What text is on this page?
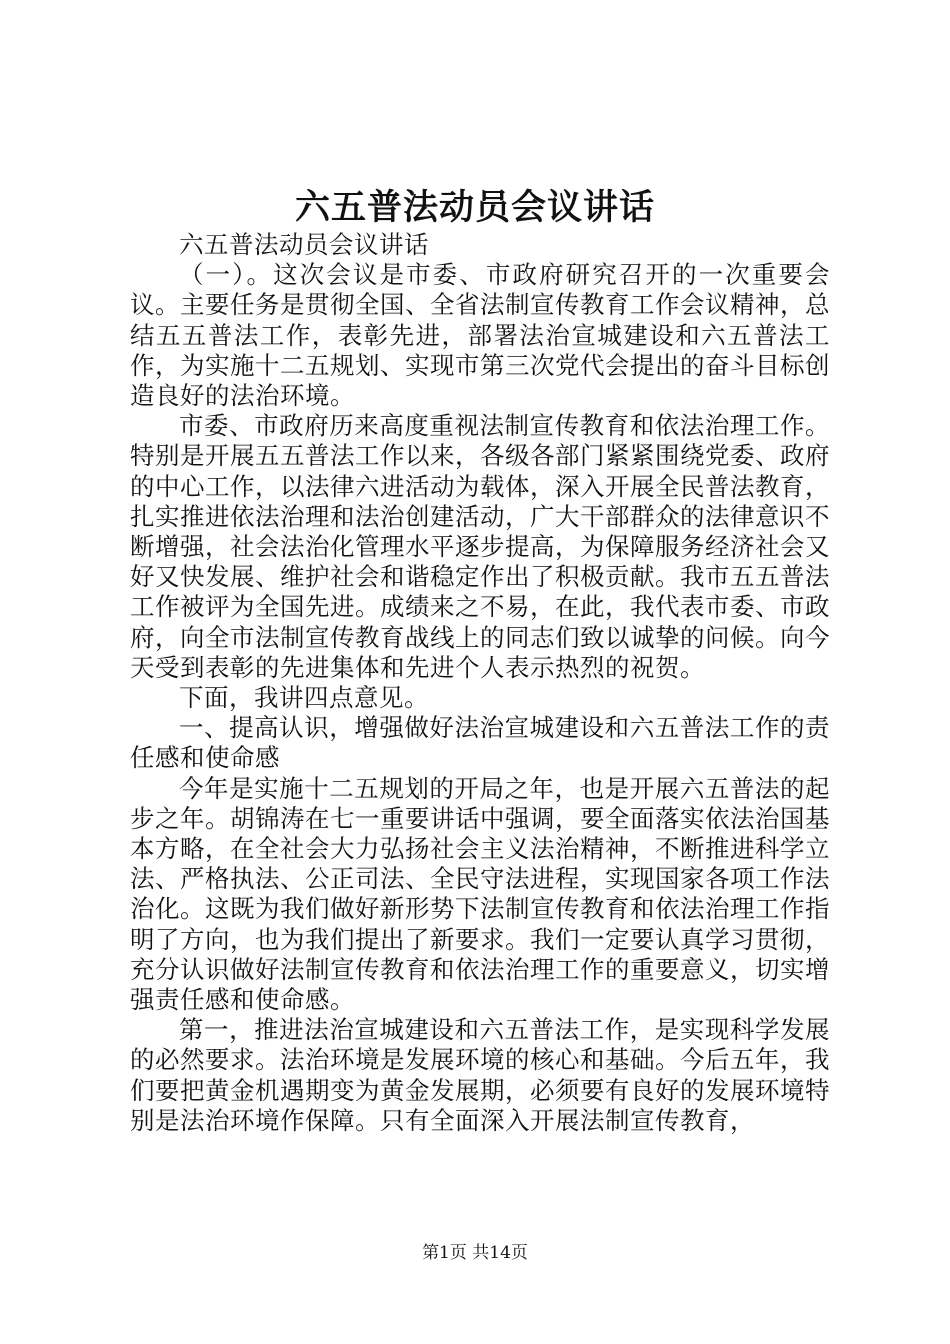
六五普法动员会议讲话

六五普法动员会议讲话

（一）。这次会议是市委、市政府研究召开的一次重要会议。主要任务是贯彻全国、全省法制宣传教育工作会议精神，总结五五普法工作，表彰先进，部署法治宣城建设和六五普法工作，为实施十二五规划、实现市第三次党代会提出的奋斗目标创造良好的法治环境。

市委、市政府历来高度重视法制宣传教育和依法治理工作。特别是开展五五普法工作以来，各级各部门紧紧围绕党委、政府的中心工作，以法律六进活动为载体，深入开展全民普法教育，扎实推进依法治理和法治创建活动，广大干部群众的法律意识不断增强，社会法治化管理水平逐步提高，为保障服务经济社会又好又快发展、维护社会和谐稳定作出了积极贡献。我市五五普法工作被评为全国先进。成绩来之不易，在此，我代表市委、市政府，向全市法制宣传教育战线上的同志们致以诚挚的问候。向今天受到表彰的先进集体和先进个人表示热烈的祝贺。

下面，我讲四点意见。

一、提高认识，增强做好法治宣城建设和六五普法工作的责任感和使命感

今年是实施十二五规划的开局之年，也是开展六五普法的起步之年。胡锦涛在七一重要讲话中强调，要全面落实依法治国基本方略，在全社会大力弘扬社会主义法治精神，不断推进科学立法、严格执法、公正司法、全民守法进程，实现国家各项工作法治化。这既为我们做好新形势下法制宣传教育和依法治理工作指明了方向，也为我们提出了新要求。我们一定要认真学习贯彻，充分认识做好法制宣传教育和依法治理工作的重要意义，切实增强责任感和使命感。

第一，推进法治宣城建设和六五普法工作，是实现科学发展的必然要求。法治环境是发展环境的核心和基础。今后五年，我们要把黄金机遇期变为黄金发展期，必须要有良好的发展环境特别是法治环境作保障。只有全面深入开展法制宣传教育，

第1页 共14页
